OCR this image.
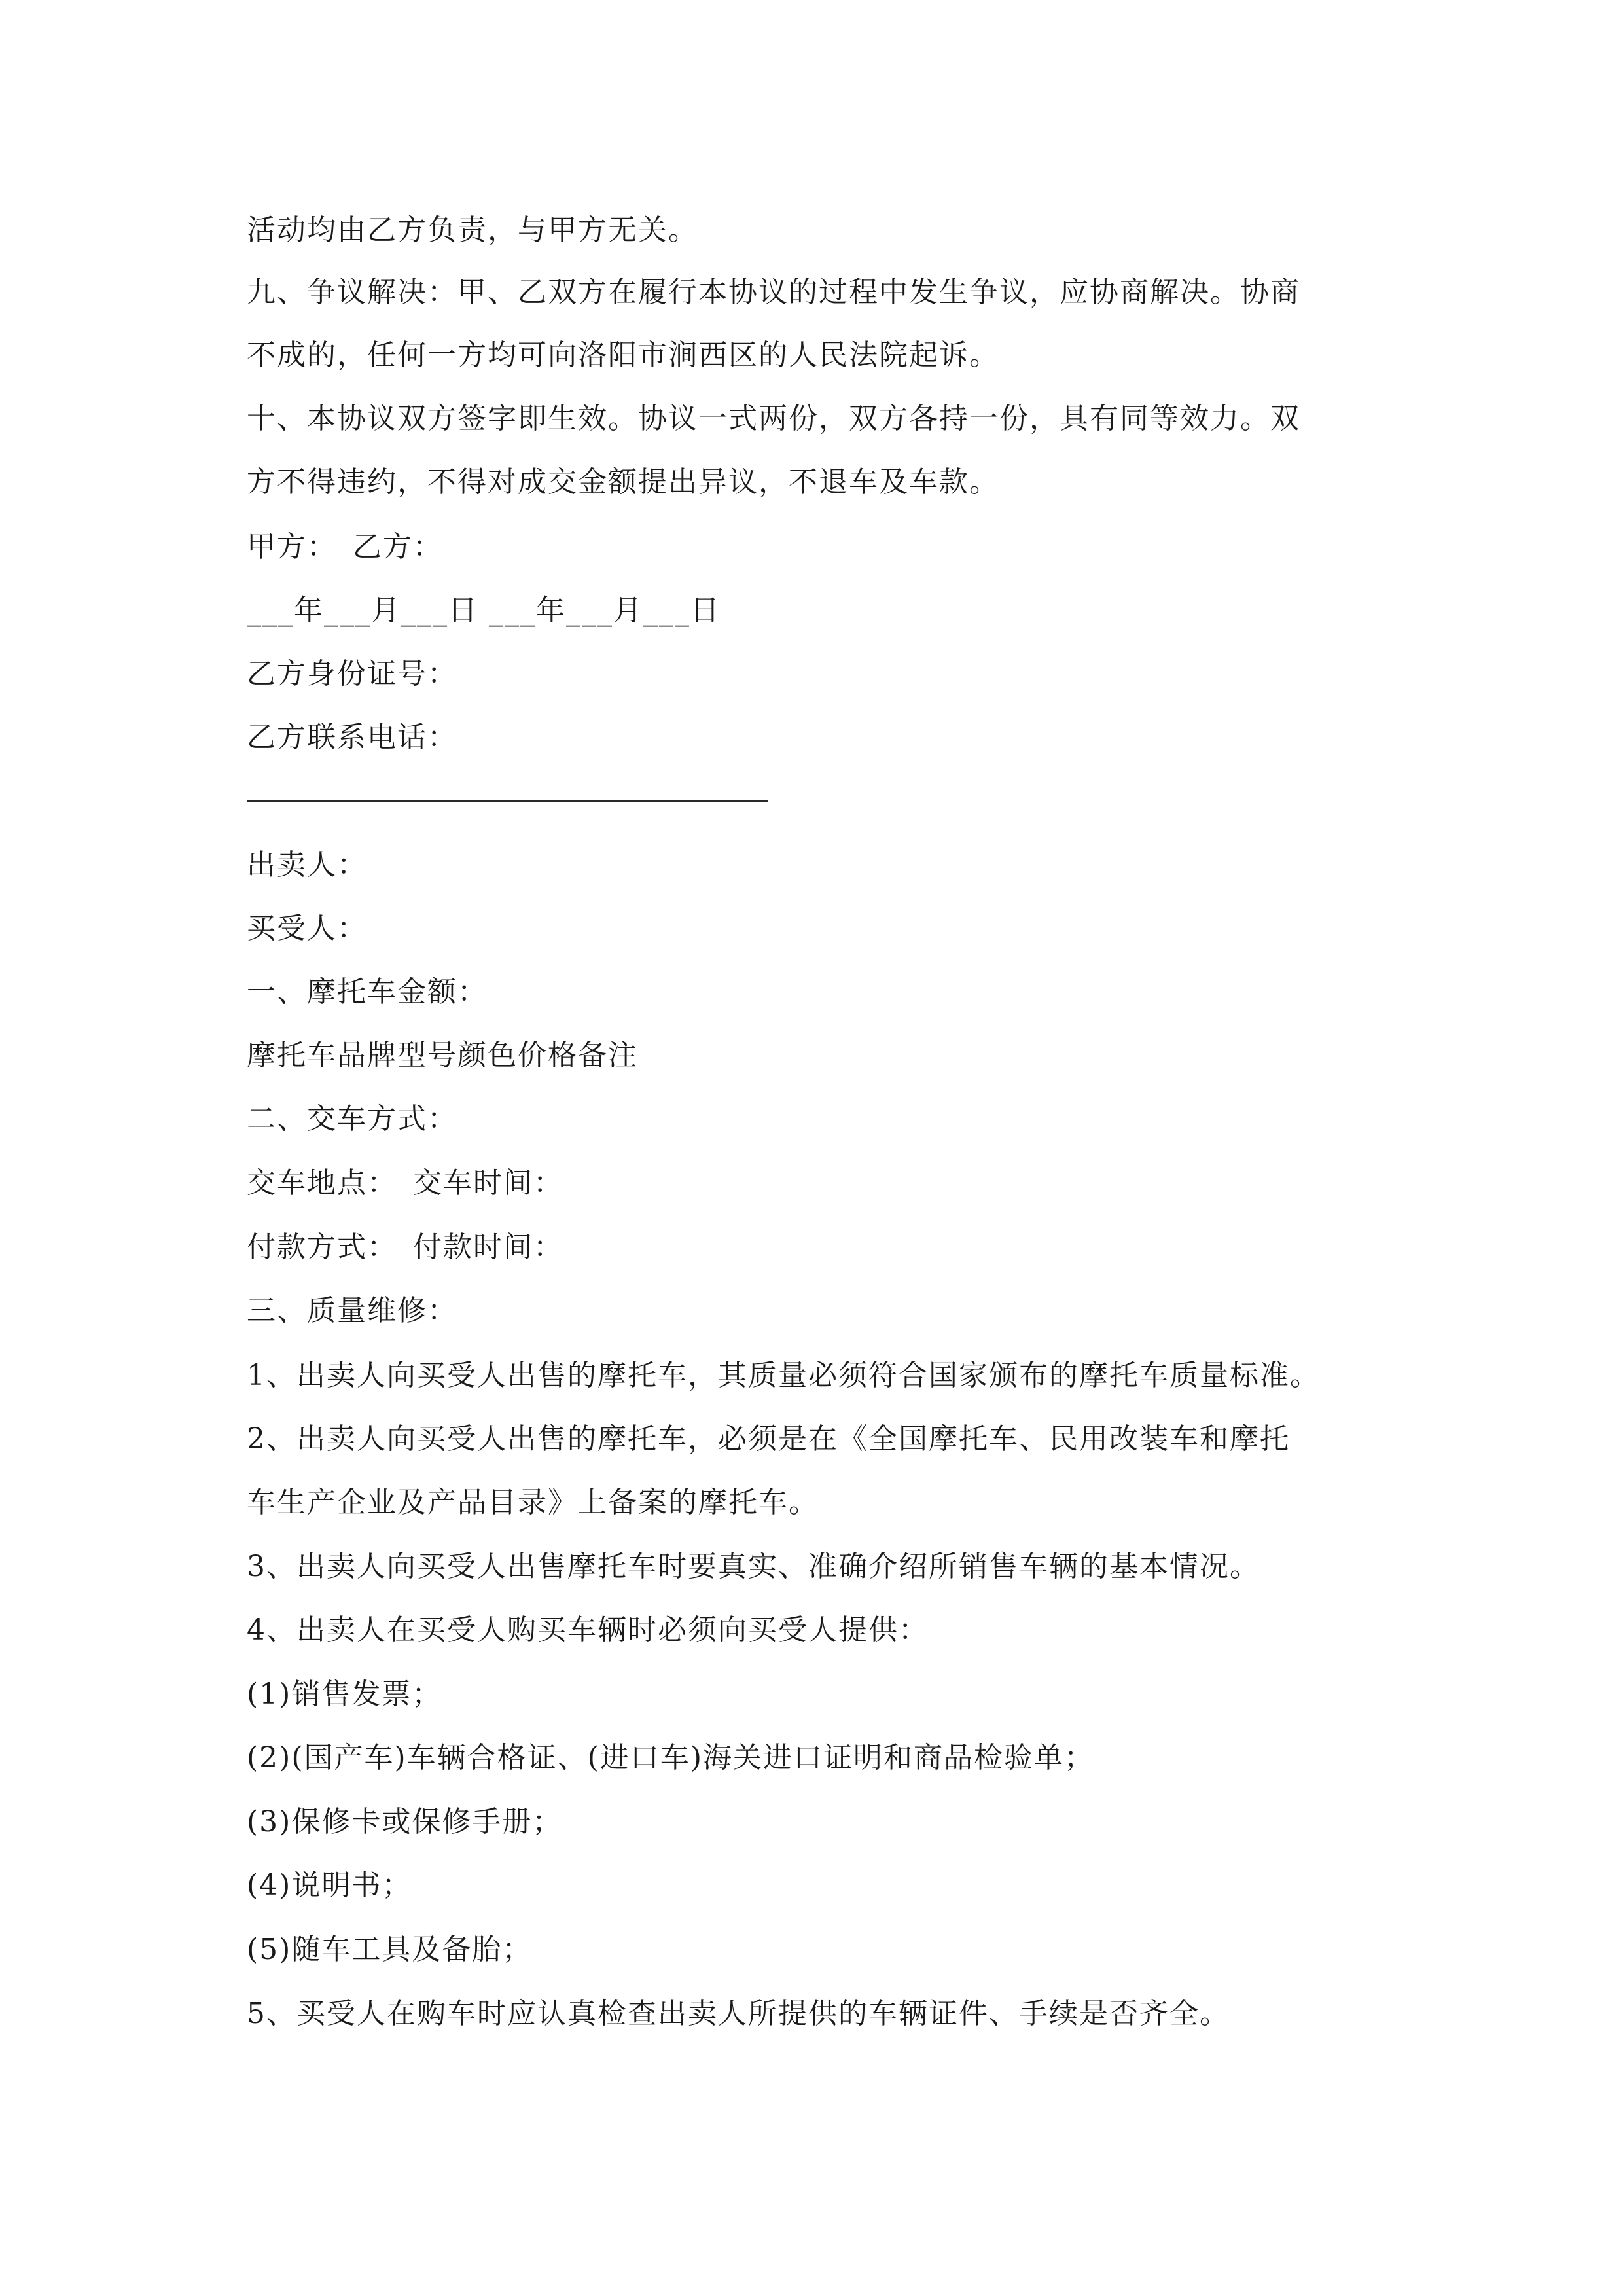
活动均由乙方负责，与甲方无关。
九、争议解决：甲、乙双方在履行本协议的过程中发生争议，应协商解决。协商
不成的，任何一方均可向洛阳市涧西区的人民法院起诉。
十、本协议双方签字即生效。协议一式两份，双方各持一份，具有同等效力。双
方不得违约，不得对成交金额提出异议，不退车及车款。
甲方：　乙方：
___年___月___日 ___年___月___日
乙方身份证号：
乙方联系电话：
出卖人：
买受人：
一、摩托车金额：
摩托车品牌型号颜色价格备注
二、交车方式：
交车地点：　交车时间：
付款方式：　付款时间：
三、质量维修：
1、出卖人向买受人出售的摩托车，其质量必须符合国家颁布的摩托车质量标准。
2、出卖人向买受人出售的摩托车，必须是在《全国摩托车、民用改装车和摩托
车生产企业及产品目录》上备案的摩托车。
3、出卖人向买受人出售摩托车时要真实、准确介绍所销售车辆的基本情况。
4、出卖人在买受人购买车辆时必须向买受人提供：
(1)销售发票；
(2)(国产车)车辆合格证、(进口车)海关进口证明和商品检验单；
(3)保修卡或保修手册；
(4)说明书；
(5)随车工具及备胎；
5、买受人在购车时应认真检查出卖人所提供的车辆证件、手续是否齐全。
